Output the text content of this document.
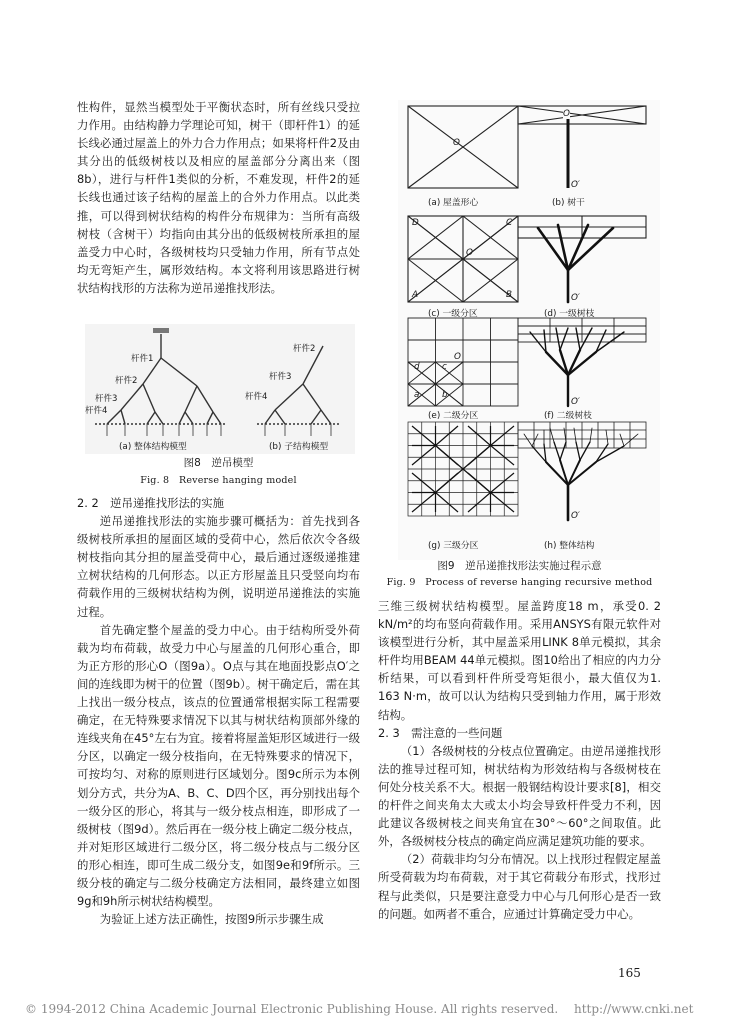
性构件，显然当模型处于平衡状态时，所有丝线只受拉力作用。由结构静力学理论可知，树干（即杆件1）的延长线必通过屋盖上的外力合力作用点；如果将杆件2及由其分出的低级树枝以及相应的屋盖部分分离出来（图8b），进行与杆件1类似的分析，不难发现，杆件2的延长线也通过该子结构的屋盖上的合外力作用点。以此类推，可以得到树状结构的构件分布规律为：当所有高级树枝（含树干）均指向由其分出的低级树枝所承担的屋盖受力中心时，各级树枝均只受轴力作用，所有节点处均无弯矩产生，属形效结构。本文将利用该思路进行树状结构找形的方法称为逆吊递推找形法。

杆件1
杆件2
杆件3
杆件4
杆件2
杆件3
杆件4
(a) 整体结构模型	(b) 子结构模型
图8　逆吊模型
Fig. 8　Reverse hanging model

2. 2　逆吊递推找形法的实施

逆吊递推找形法的实施步骤可概括为：首先找到各级树枝所承担的屋面区域的受荷中心，然后依次令各级树枝指向其分担的屋盖受荷中心，最后通过逐级递推建立树状结构的几何形态。以正方形屋盖且只受竖向均布荷载作用的三级树状结构为例，说明逆吊递推法的实施过程。

首先确定整个屋盖的受力中心。由于结构所受外荷载为均布荷载，故受力中心与屋盖的几何形心重合，即为正方形的形心O（图9a）。O点与其在地面投影点O′之间的连线即为树干的位置（图9b）。树干确定后，需在其上找出一级分枝点，该点的位置通常根据实际工程需要确定，在无特殊要求情况下以其与树状结构顶部外缘的连线夹角在45°左右为宜。接着将屋盖矩形区域进行一级分区，以确定一级分枝指向，在无特殊要求的情况下，可按均匀、对称的原则进行区域划分。图9c所示为本例划分方式，共分为A、B、C、D四个区，再分别找出每个一级分区的形心，将其与一级分枝点相连，即形成了一级树枝（图9d）。然后再在一级分枝上确定二级分枝点，并对矩形区域进行二级分区，将二级分枝点与二级分区的形心相连，即可生成二级分支，如图9e和9f所示。三级分枝的确定与二级分枝确定方法相同，最终建立如图9g和9h所示树状结构模型。

为验证上述方法正确性，按图9所示步骤生成

O
O
O′
D	C
O
A	B	O′
O
d	c
a	b
O′
O′
(a) 屋盖形心	(b) 树干
(c) 一级分区	(d) 一级树枝
(e) 二级分区	(f) 二级树枝
(g) 三级分区	(h) 整体结构
图9　逆吊递推找形法实施过程示意
Fig. 9　Process of reverse hanging recursive method

三维三级树状结构模型。屋盖跨度18 m，承受0. 2 kN/m²的均布竖向荷载作用。采用ANSYS有限元软件对该模型进行分析，其中屋盖采用LINK 8单元模拟，其余杆件均用BEAM 44单元模拟。图10给出了相应的内力分析结果，可以看到杆件所受弯矩很小，最大值仅为1. 163 N·m，故可以认为结构只受到轴力作用，属于形效结构。

2. 3　需注意的一些问题

（1）各级树枝的分枝点位置确定。由逆吊递推找形法的推导过程可知，树状结构为形效结构与各级树枝在何处分枝关系不大。根据一般钢结构设计要求[8]，相交的杆件之间夹角太大或太小均会导致杆件受力不利，因此建议各级树枝之间夹角宜在30°～60°之间取值。此外，各级树枝分枝点的确定尚应满足建筑功能的要求。

（2）荷载非均匀分布情况。以上找形过程假定屋盖所受荷载为均布荷载，对于其它荷载分布形式，找形过程与此类似，只是要注意受力中心与几何形心是否一致的问题。如两者不重合，应通过计算确定受力中心。

165
© 1994-2012 China Academic Journal Electronic Publishing House. All rights reserved.　 http://www.cnki.net
